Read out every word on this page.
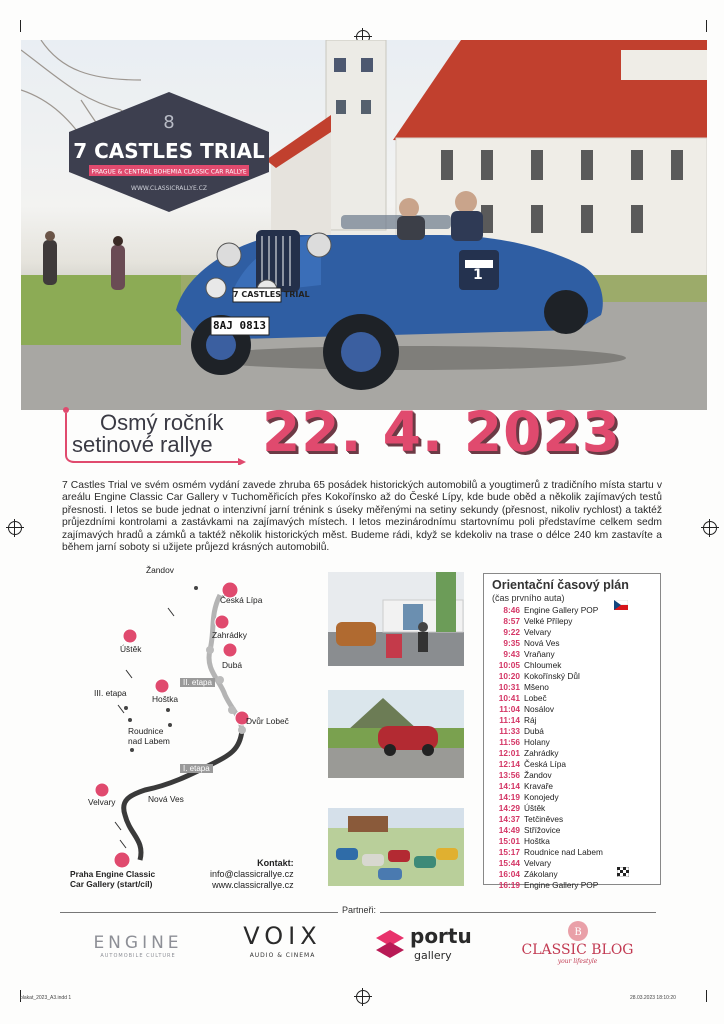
8
7 CASTLES TRIAL
PRAGUE & CENTRAL BOHEMIA CLASSIC CAR RALLYE
WWW.CLASSICRALLYE.CZ
7 CASTLES TRIAL
8AJ 0813
1
Osmý ročník
setinové rallye 22. 4. 2023
7 Castles Trial ve svém osmém vydání zavede zhruba 65 posádek historických automobilů a yougtimerů z tradičního místa startu v areálu Engine Classic Car Gallery v Tuchoměřicích přes Kokořínsko až do České Lípy, kde bude oběd a několik zajímavých testů přesnosti. I letos se bude jednat o intenzivní jarní trénink s úseky měřenými na setiny sekundy (přesnost, nikoliv rychlost) a taktéž průjezdními kontrolami a zastávkami na zajímavých místech. I letos mezinárodnímu startovnímu poli představíme celkem sedm zajímavých hradů a zámků a taktéž několik historických měst. Budeme rádi, když se kdekoliv na trase o délce 240 km zastavíte a během jarní soboty si užijete průjezd krásných automobilů.
Žandov
Česká Lípa
Zahrádky
Dubá
Úštěk
Hoštka
III. etapa
Roudnice
nad Labem
II. etapa
Dvůr Lobeč
I. etapa
Nová Ves
Velvary
Praha Engine Classic
Car Gallery (start/cíl)
Kontakt:
info@classicrallye.cz
www.classicrallye.cz
Orientační časový plán
(čas prvního auta)
8:46 Engine Gallery POP
8:57 Velké Přílepy
9:22 Velvary
9:35 Nová Ves
9:43 Vraňany
10:05 Chloumek
10:20 Kokořínský Důl
10:31 Mšeno
10:41 Lobeč
11:04 Nosálov
11:14 Ráj
11:33 Dubá
11:56 Holany
12:01 Zahrádky
12:14 Česká Lípa
13:56 Žandov
14:14 Kravaře
14:19 Konojedy
14:29 Úštěk
14:37 Tetčiněves
14:49 Střížovice
15:01 Hoštka
15:17 Roudnice nad Labem
15:44 Velvary
16:04 Zákolany
16:19 Engine Gallery POP
Partneři:
ENGINE
AUTOMOBILE CULTURE
VOIX
AUDIO & CINEMA
portu
gallery
B
CLASSIC BLOG
your lifestyle
plakat_2023_A3.indd 1	28.03.2023 18:10:20
